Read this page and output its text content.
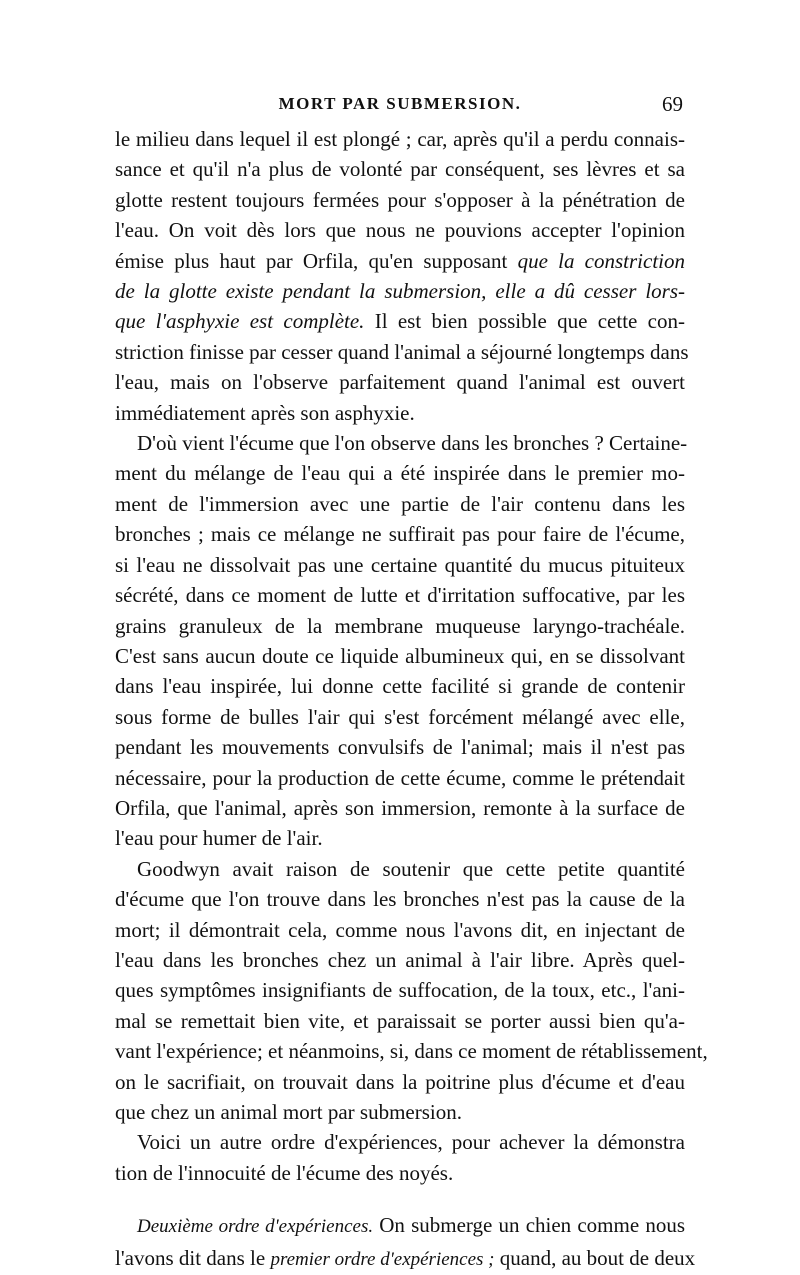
MORT PAR SUBMERSION.	69
le milieu dans lequel il est plongé ; car, après qu'il a perdu connais-
sance et qu'il n'a plus de volonté par conséquent, ses lèvres et sa
glotte restent toujours fermées pour s'opposer à la pénétration de
l'eau. On voit dès lors que nous ne pouvions accepter l'opinion
émise plus haut par Orfila, qu'en supposant que la constriction
de la glotte existe pendant la submersion, elle a dû cesser lors-
que l'asphyxie est complète. Il est bien possible que cette con-
striction finisse par cesser quand l'animal a séjourné longtemps dans
l'eau, mais on l'observe parfaitement quand l'animal est ouvert
immédiatement après son asphyxie.
D'où vient l'écume que l'on observe dans les bronches ? Certaine-
ment du mélange de l'eau qui a été inspirée dans le premier mo-
ment de l'immersion avec une partie de l'air contenu dans les
bronches ; mais ce mélange ne suffirait pas pour faire de l'écume,
si l'eau ne dissolvait pas une certaine quantité du mucus pituiteux
sécrété, dans ce moment de lutte et d'irritation suffocative, par les
grains granuleux de la membrane muqueuse laryngo-trachéale.
C'est sans aucun doute ce liquide albumineux qui, en se dissolvant
dans l'eau inspirée, lui donne cette facilité si grande de contenir
sous forme de bulles l'air qui s'est forcément mélangé avec elle,
pendant les mouvements convulsifs de l'animal; mais il n'est pas
nécessaire, pour la production de cette écume, comme le prétendait
Orfila, que l'animal, après son immersion, remonte à la surface de
l'eau pour humer de l'air.
Goodwyn avait raison de soutenir que cette petite quantité
d'écume que l'on trouve dans les bronches n'est pas la cause de la
mort; il démontrait cela, comme nous l'avons dit, en injectant de
l'eau dans les bronches chez un animal à l'air libre. Après quel-
ques symptômes insignifiants de suffocation, de la toux, etc., l'ani-
mal se remettait bien vite, et paraissait se porter aussi bien qu'a-
vant l'expérience; et néanmoins, si, dans ce moment de rétablissement,
on le sacrifiait, on trouvait dans la poitrine plus d'écume et d'eau
que chez un animal mort par submersion.
Voici un autre ordre d'expériences, pour achever la démonstra
tion de l'innocuité de l'écume des noyés.
Deuxième ordre d'expériences. On submerge un chien comme nous
l'avons dit dans le premier ordre d'expériences ; quand, au bout de deux
